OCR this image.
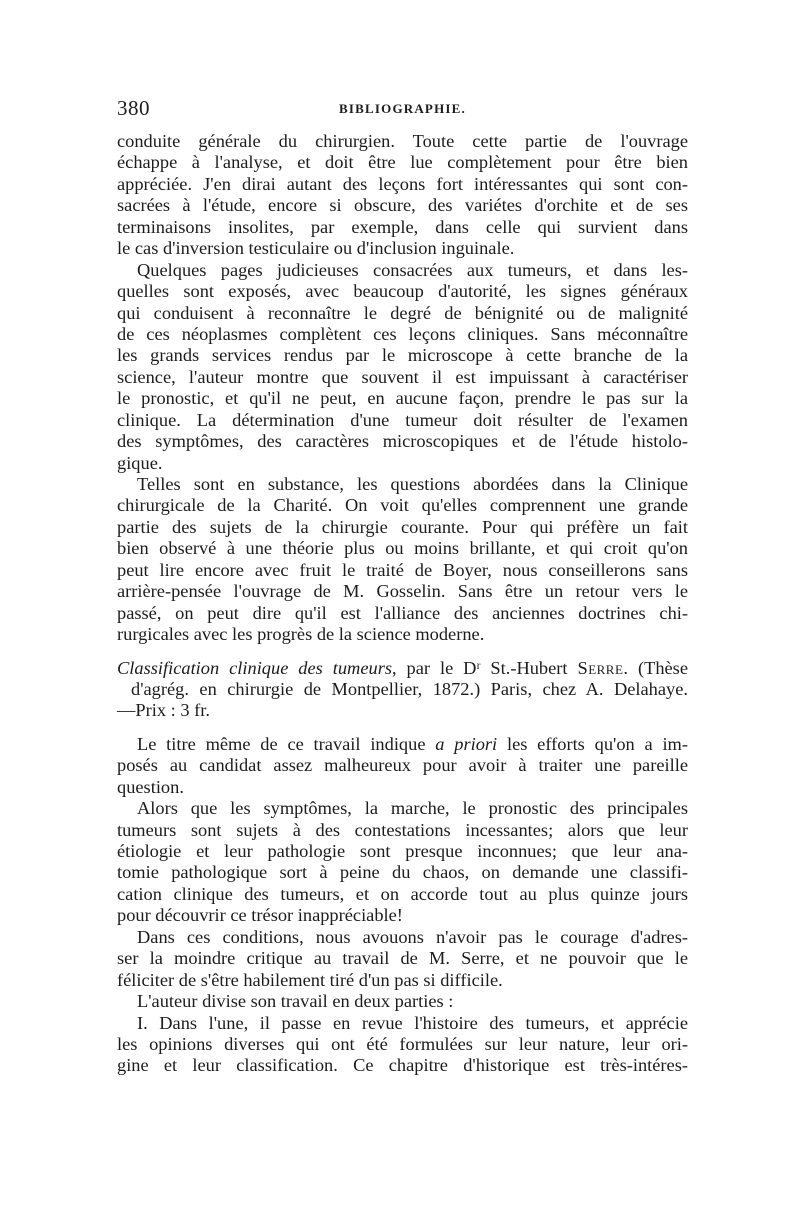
380	BIBLIOGRAPHIE.
conduite générale du chirurgien. Toute cette partie de l'ouvrage
échappe à l'analyse, et doit être lue complètement pour être bien
appréciée. J'en dirai autant des leçons fort intéressantes qui sont con-
sacrées à l'étude, encore si obscure, des variétes d'orchite et de ses
terminaisons insolites, par exemple, dans celle qui survient dans
le cas d'inversion testiculaire ou d'inclusion inguinale.
Quelques pages judicieuses consacrées aux tumeurs, et dans les-
quelles sont exposés, avec beaucoup d'autorité, les signes généraux
qui conduisent à reconnaître le degré de bénignité ou de malignité
de ces néoplasmes complètent ces leçons cliniques. Sans méconnaître
les grands services rendus par le microscope à cette branche de la
science, l'auteur montre que souvent il est impuissant à caractériser
le pronostic, et qu'il ne peut, en aucune façon, prendre le pas sur la
clinique. La détermination d'une tumeur doit résulter de l'examen
des symptômes, des caractères microscopiques et de l'étude histolo-
gique.
Telles sont en substance, les questions abordées dans la Clinique
chirurgicale de la Charité. On voit qu'elles comprennent une grande
partie des sujets de la chirurgie courante. Pour qui préfère un fait
bien observé à une théorie plus ou moins brillante, et qui croit qu'on
peut lire encore avec fruit le traité de Boyer, nous conseillerons sans
arrière-pensée l'ouvrage de M. Gosselin. Sans être un retour vers le
passé, on peut dire qu'il est l'alliance des anciennes doctrines chi-
rurgicales avec les progrès de la science moderne.
Classification clinique des tumeurs, par le Dʳ St.-Hubert Serre. (Thèse
d'agrég. en chirurgie de Montpellier, 1872.) Paris, chez A. Delahaye.
—Prix : 3 fr.
Le titre même de ce travail indique a priori les efforts qu'on a im-
posés au candidat assez malheureux pour avoir à traiter une pareille
question.
Alors que les symptômes, la marche, le pronostic des principales
tumeurs sont sujets à des contestations incessantes; alors que leur
étiologie et leur pathologie sont presque inconnues; que leur ana-
tomie pathologique sort à peine du chaos, on demande une classifi-
cation clinique des tumeurs, et on accorde tout au plus quinze jours
pour découvrir ce trésor inappréciable!
Dans ces conditions, nous avouons n'avoir pas le courage d'adres-
ser la moindre critique au travail de M. Serre, et ne pouvoir que le
féliciter de s'être habilement tiré d'un pas si difficile.
L'auteur divise son travail en deux parties :
I. Dans l'une, il passe en revue l'histoire des tumeurs, et apprécie
les opinions diverses qui ont été formulées sur leur nature, leur ori-
gine et leur classification. Ce chapitre d'historique est très-intéres-
